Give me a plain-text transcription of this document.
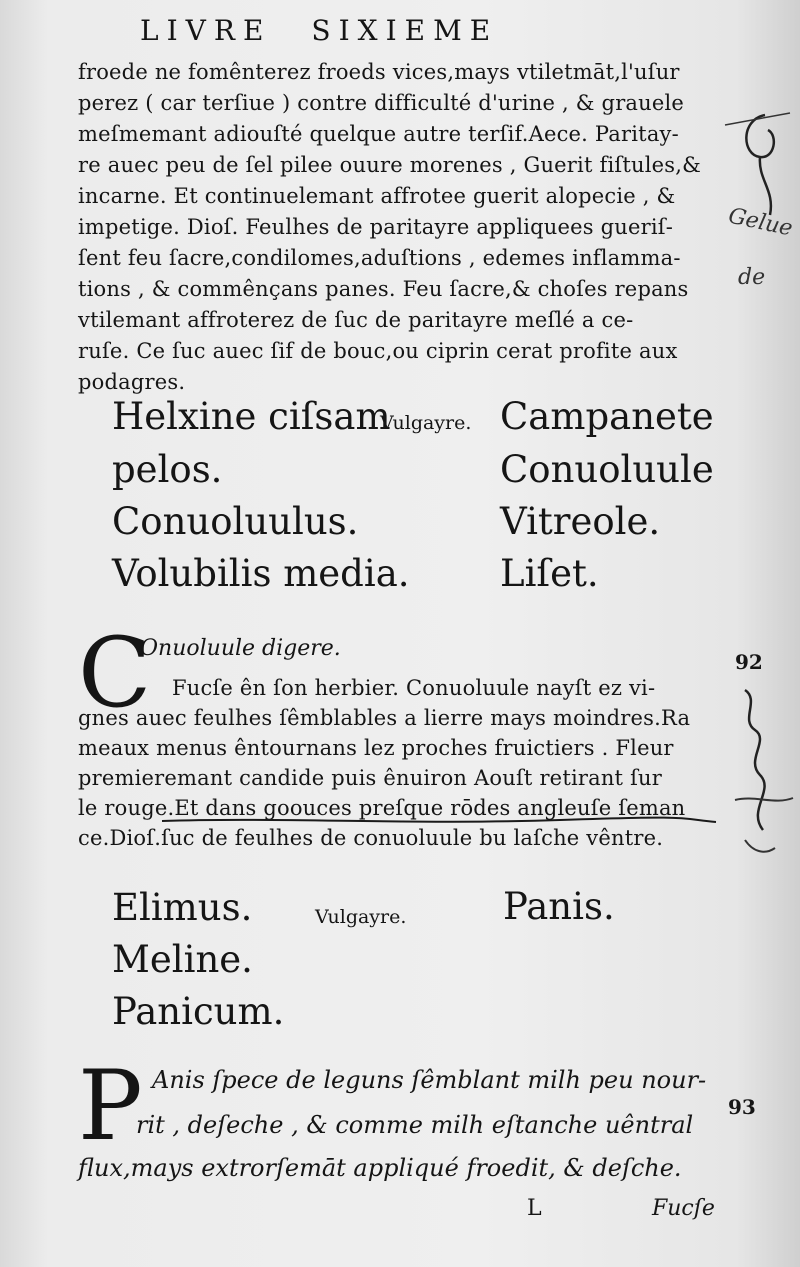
LIVRE SIXIEME
froede ne fomênterez froeds vices,mays vtiletmāt,l'uſur
perez ( car terſiue ) contre difficulté d'urine , & grauele
meſmemant adiouſté quelque autre terſif.Aece. Paritay-
re auec peu de ſel pilee ouure morenes , Guerit fiſtules,&
incarne. Et continuelemant affrotee guerit alopecie , &
impetige. Dioſ. Feulhes de paritayre appliquees gueriſ-
ſent feu ſacre,condilomes,aduſtions , edemes inflamma-
tions , & commênçans panes. Feu ſacre,& choſes repans
vtilemant affroterez de ſuc de paritayre meſlé a ce-
ruſe. Ce ſuc auec ſif de bouc,ou ciprin cerat profite aux
podagres.
Helxine ciſsam
pelos.
Conuoluulus.
Volubilis media.
Vulgayre. Campanete
Conuoluule
Vitreole.
Liſet.
C
Onuoluule digere.
Fucſe ên ſon herbier. Conuoluule nayſt ez vi-
gnes auec feulhes ſêmblables a lierre mays moindres.Ra
meaux menus êntournans lez proches fruictiers . Fleur
premieremant candide puis ênuiron Aouſt retirant ſur
le rouge.Et dans goouces preſque rōdes angleuſe ſeman
ce.Dioſ.ſuc de feulhes de conuoluule bu laſche vêntre.
92
Elimus.
Meline.
Panicum.
Vulgayre.	Panis.
P Anis ſpece de leguns ſêmblant milh peu nour-
rit , deſeche , & comme milh eſtanche uêntral
flux,mays extrorſemāt appliqué froedit, & deſche.
93
L	Fucſe
Gelue
de
